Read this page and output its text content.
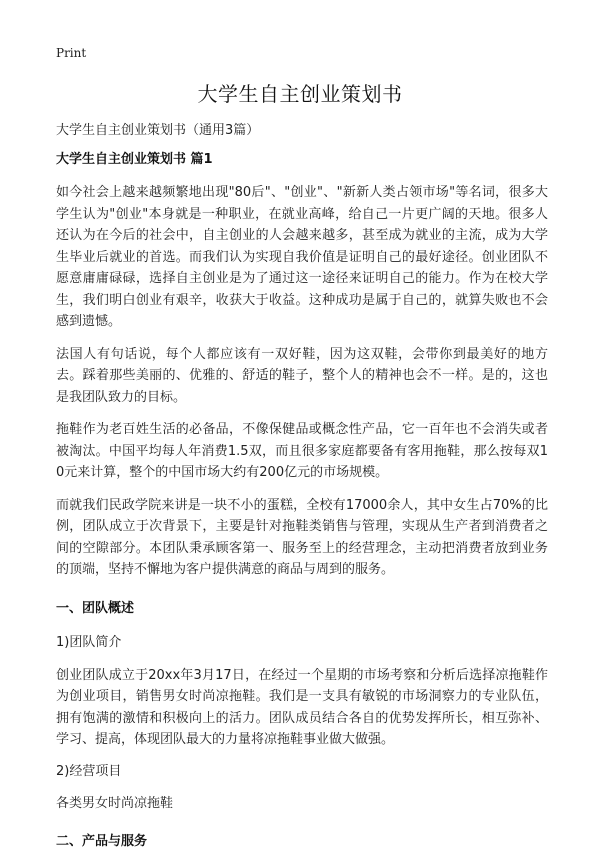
Print
大学生自主创业策划书

大学生自主创业策划书（通用3篇）

大学生自主创业策划书 篇1

如今社会上越来越频繁地出现"80后"、"创业"、"新新人类占领市场"等名词，很多大学生认为"创业"本身就是一种职业，在就业高峰，给自己一片更广阔的天地。很多人还认为在今后的社会中，自主创业的人会越来越多，甚至成为就业的主流，成为大学生毕业后就业的首选。而我们认为实现自我价值是证明自己的最好途径。创业团队不愿意庸庸碌碌，选择自主创业是为了通过这一途径来证明自己的能力。作为在校大学生，我们明白创业有艰辛，收获大于收益。这种成功是属于自己的，就算失败也不会感到遗憾。

法国人有句话说，每个人都应该有一双好鞋，因为这双鞋，会带你到最美好的地方去。踩着那些美丽的、优雅的、舒适的鞋子，整个人的精神也会不一样。是的，这也是我团队致力的目标。

拖鞋作为老百姓生活的必备品，不像保健品或概念性产品，它一百年也不会消失或者被淘汰。中国平均每人年消费1.5双，而且很多家庭都要备有客用拖鞋，那么按每双10元来计算，整个的中国市场大约有200亿元的市场规模。

而就我们民政学院来讲是一块不小的蛋糕，全校有17000余人，其中女生占70%的比例，团队成立于次背景下，主要是针对拖鞋类销售与管理，实现从生产者到消费者之间的空隙部分。本团队秉承顾客第一、服务至上的经营理念，主动把消费者放到业务的顶端，坚持不懈地为客户提供满意的商品与周到的服务。

一、团队概述
1)团队简介

创业团队成立于20xx年3月17日，在经过一个星期的市场考察和分析后选择凉拖鞋作为创业项目，销售男女时尚凉拖鞋。我们是一支具有敏锐的市场洞察力的专业队伍，拥有饱满的激情和积极向上的活力。团队成员结合各自的优势发挥所长，相互弥补、学习、提高，体现团队最大的力量将凉拖鞋事业做大做强。

2)经营项目
各类男女时尚凉拖鞋
二、产品与服务
